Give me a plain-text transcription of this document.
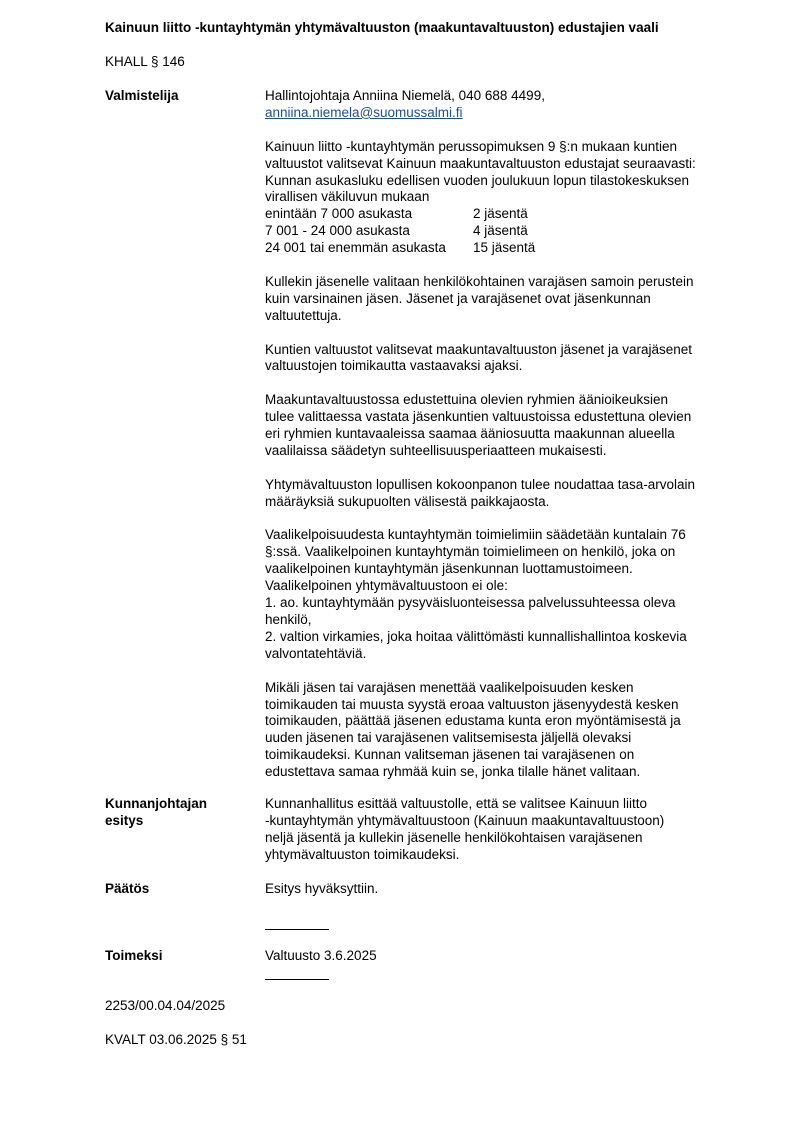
Kainuun liitto -kuntayhtymän yhtymävaltuuston (maakuntavaltuuston) edustajien vaali
KHALL § 146
Valmistelija	Hallintojohtaja Anniina Niemelä, 040 688 4499,
anniina.niemela@suomussalmi.fi
Kainuun liitto -kuntayhtymän perussopimuksen 9 §:n mukaan kuntien
valtuustot valitsevat Kainuun maakuntavaltuuston edustajat seuraavasti:
Kunnan asukasluku edellisen vuoden joulukuun lopun tilastokeskuksen
virallisen väkiluvun mukaan
enintään 7 000 asukasta	2 jäsentä
7 001 - 24 000 asukasta	4 jäsentä
24 001 tai enemmän asukasta	15 jäsentä
Kullekin jäsenelle valitaan henkilökohtainen varajäsen samoin perustein
kuin varsinainen jäsen. Jäsenet ja varajäsenet ovat jäsenkunnan
valtuutettuja.
Kuntien valtuustot valitsevat maakuntavaltuuston jäsenet ja varajäsenet
valtuustojen toimikautta vastaavaksi ajaksi.
Maakuntavaltuustossa edustettuina olevien ryhmien äänioikeuksien
tulee valittaessa vastata jäsenkuntien valtuustoissa edustettuna olevien
eri ryhmien kuntavaaleissa saamaa ääniosuutta maakunnan alueella
vaalilaissa säädetyn suhteellisuusperiaatteen mukaisesti.
Yhtymävaltuuston lopullisen kokoonpanon tulee noudattaa tasa-arvolain
määräyksiä sukupuolten välisestä paikkajaosta.
Vaalikelpoisuudesta kuntayhtymän toimielimiin säädetään kuntalain 76
§:ssä. Vaalikelpoinen kuntayhtymän toimielimeen on henkilö, joka on
vaalikelpoinen kuntayhtymän jäsenkunnan luottamustoimeen.
Vaalikelpoinen yhtymävaltuustoon ei ole:
1. ao. kuntayhtymään pysyväisluonteisessa palvelussuhteessa oleva
henkilö,
2. valtion virkamies, joka hoitaa välittömästi kunnallishallintoa koskevia
valvontatehtäviä.
Mikäli jäsen tai varajäsen menettää vaalikelpoisuuden kesken
toimikauden tai muusta syystä eroaa valtuuston jäsenyydestä kesken
toimikauden, päättää jäsenen edustama kunta eron myöntämisestä ja
uuden jäsenen tai varajäsenen valitsemisesta jäljellä olevaksi
toimikaudeksi. Kunnan valitseman jäsenen tai varajäsenen on
edustettava samaa ryhmää kuin se, jonka tilalle hänet valitaan.
Kunnanjohtajan
esitys
Kunnanhallitus esittää valtuustolle, että se valitsee Kainuun liitto
-kuntayhtymän yhtymävaltuustoon (Kainuun maakuntavaltuustoon)
neljä jäsentä ja kullekin jäsenelle henkilökohtaisen varajäsenen
yhtymävaltuuston toimikaudeksi.
Päätös	Esitys hyväksyttiin.
Toimeksi	Valtuusto 3.6.2025
2253/00.04.04/2025
KVALT 03.06.2025 § 51
